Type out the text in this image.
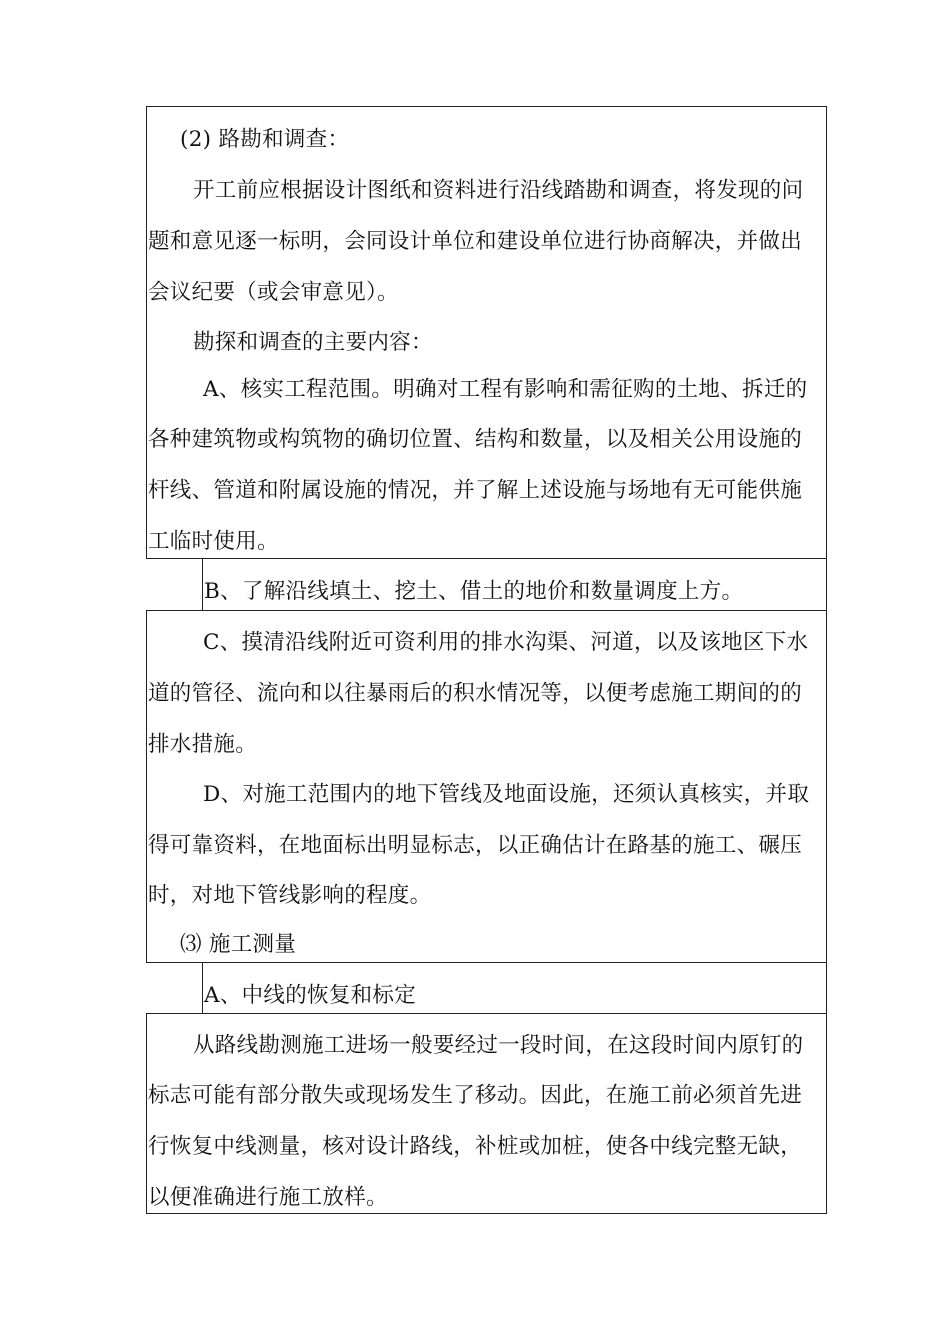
(2) 路勘和调查：
开工前应根据设计图纸和资料进行沿线踏勘和调查，将发现的问
题和意见逐一标明，会同设计单位和建设单位进行协商解决，并做出
会议纪要（或会审意见）。
勘探和调查的主要内容：
A、核实工程范围。明确对工程有影响和需征购的土地、拆迁的
各种建筑物或构筑物的确切位置、结构和数量，以及相关公用设施的
杆线、管道和附属设施的情况，并了解上述设施与场地有无可能供施
工临时使用。
B、了解沿线填土、挖土、借土的地价和数量调度上方。
C、摸清沿线附近可资利用的排水沟渠、河道，以及该地区下水
道的管径、流向和以往暴雨后的积水情况等，以便考虑施工期间的的
排水措施。
D、对施工范围内的地下管线及地面设施，还须认真核实，并取
得可靠资料，在地面标出明显标志，以正确估计在路基的施工、碾压
时，对地下管线影响的程度。
⑶ 施工测量
A、中线的恢复和标定
从路线勘测施工进场一般要经过一段时间，在这段时间内原钉的
标志可能有部分散失或现场发生了移动。因此，在施工前必须首先进
行恢复中线测量，核对设计路线，补桩或加桩，使各中线完整无缺，
以便准确进行施工放样。
